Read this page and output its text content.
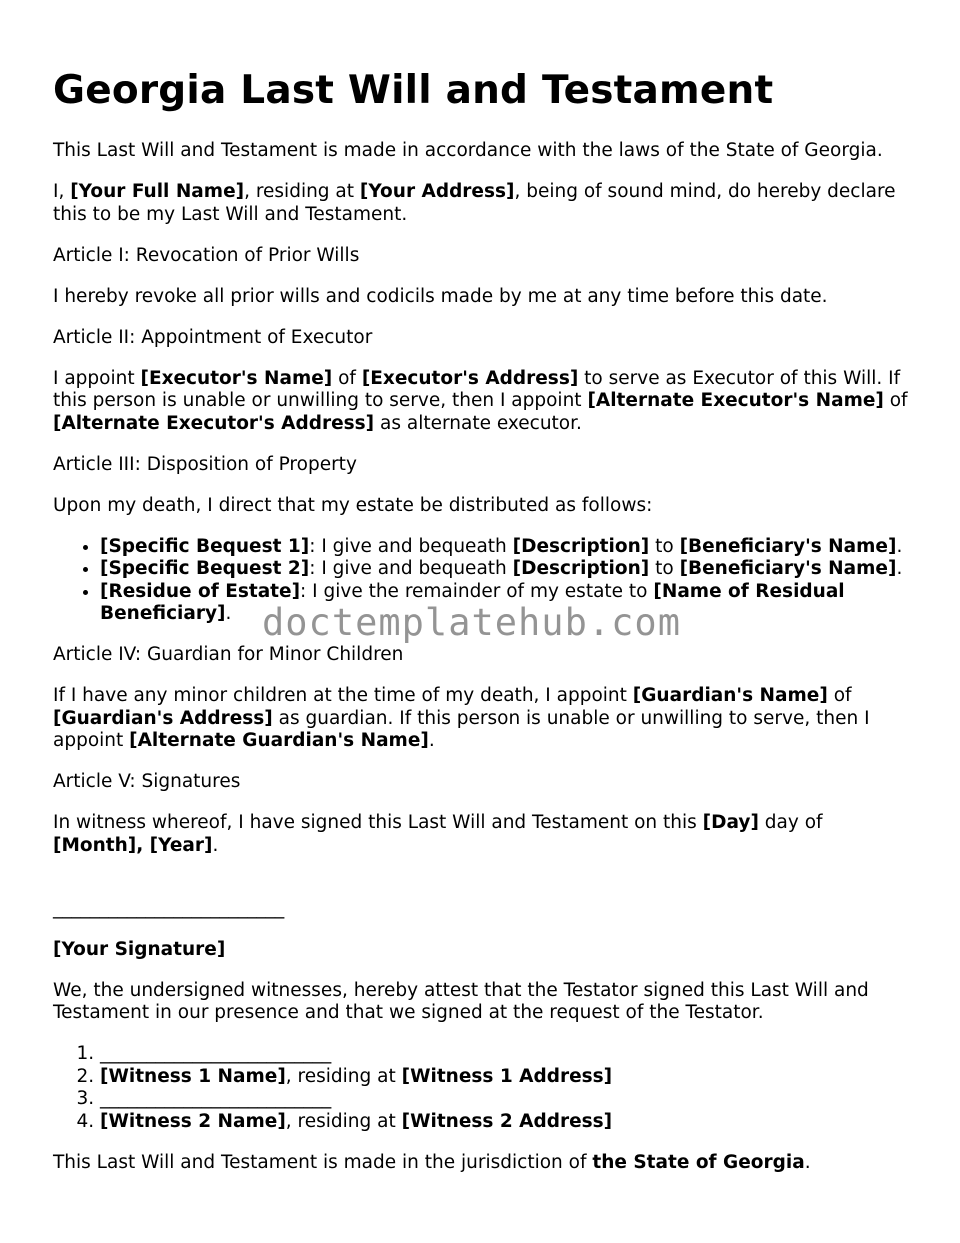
Georgia Last Will and Testament

This Last Will and Testament is made in accordance with the laws of the State of Georgia.

I, [Your Full Name], residing at [Your Address], being of sound mind, do hereby declare this to be my Last Will and Testament.

Article I: Revocation of Prior Wills

I hereby revoke all prior wills and codicils made by me at any time before this date.

Article II: Appointment of Executor

I appoint [Executor's Name] of [Executor's Address] to serve as Executor of this Will. If this person is unable or unwilling to serve, then I appoint [Alternate Executor's Name] of [Alternate Executor's Address] as alternate executor.

Article III: Disposition of Property

Upon my death, I direct that my estate be distributed as follows:

• [Specific Bequest 1]: I give and bequeath [Description] to [Beneficiary's Name].
• [Specific Bequest 2]: I give and bequeath [Description] to [Beneficiary's Name].
• [Residue of Estate]: I give the remainder of my estate to [Name of Residual Beneficiary].

Article IV: Guardian for Minor Children

If I have any minor children at the time of my death, I appoint [Guardian's Name] of [Guardian's Address] as guardian. If this person is unable or unwilling to serve, then I appoint [Alternate Guardian's Name].

Article V: Signatures

In witness whereof, I have signed this Last Will and Testament on this [Day] day of [Month], [Year].

_________________________

[Your Signature]

We, the undersigned witnesses, hereby attest that the Testator signed this Last Will and Testament in our presence and that we signed at the request of the Testator.

1. _________________________
2. [Witness 1 Name], residing at [Witness 1 Address]
3. _________________________
4. [Witness 2 Name], residing at [Witness 2 Address]

This Last Will and Testament is made in the jurisdiction of the State of Georgia.

doctemplatehub.com
